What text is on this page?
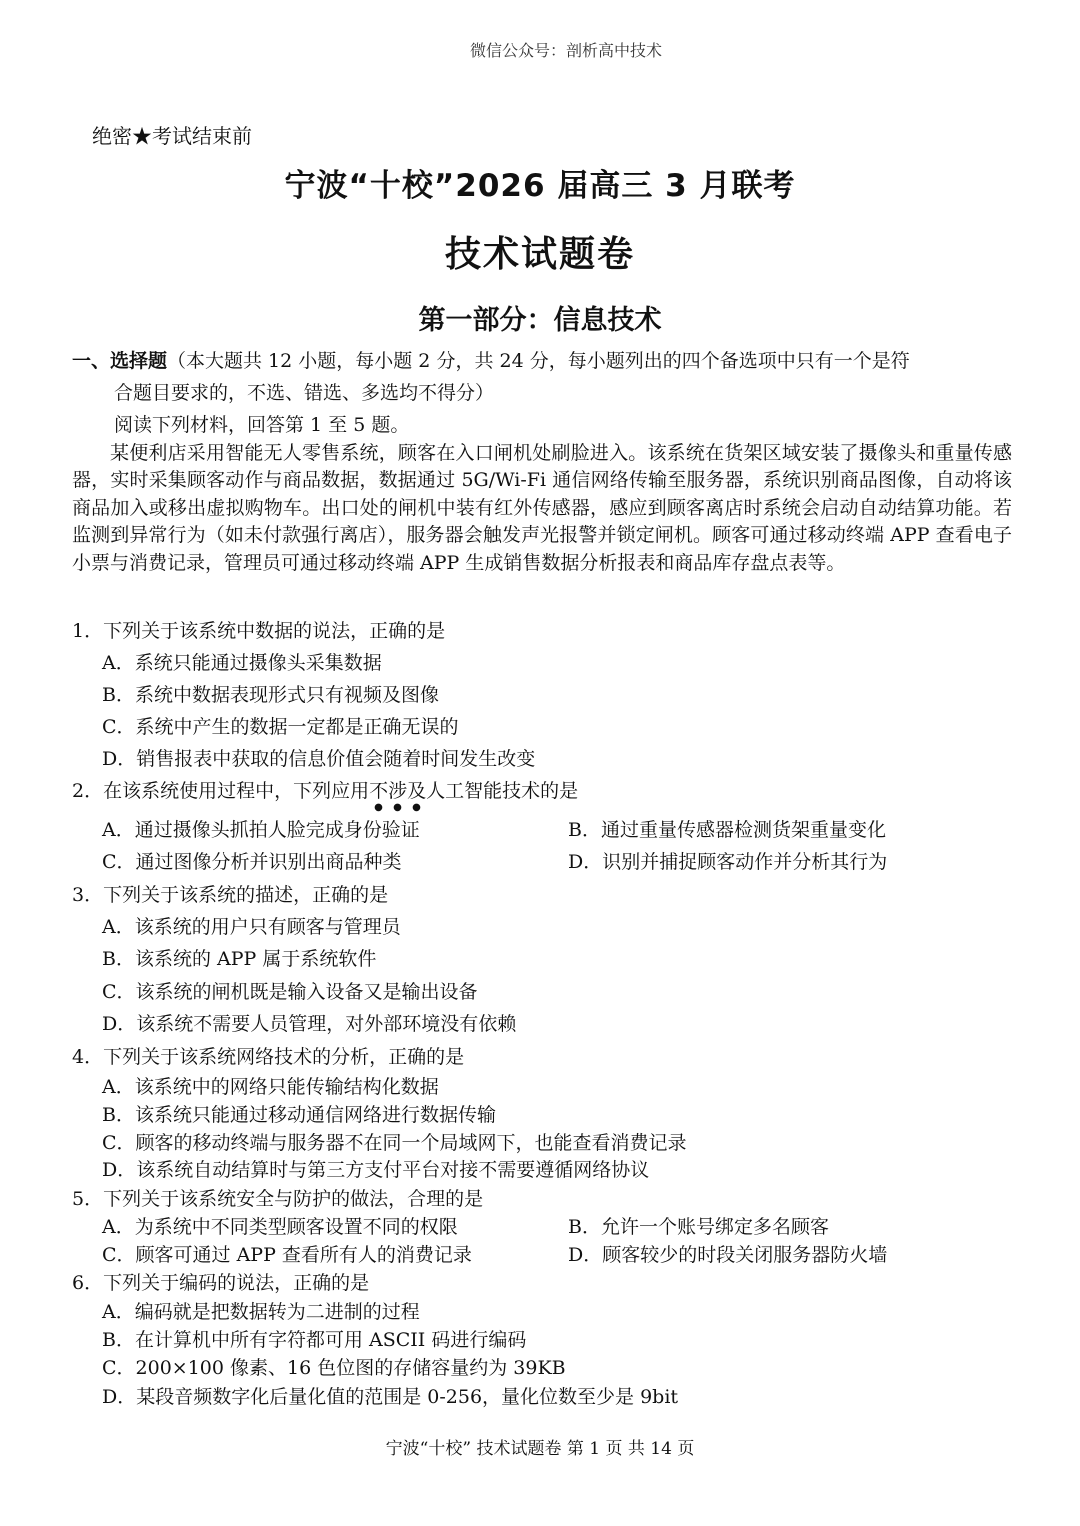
微信公众号：剖析高中技术
绝密★考试结束前
宁波“十校”2026 届高三 3 月联考
技术试题卷
第一部分：信息技术
一、选择题（本大题共 12 小题，每小题 2 分，共 24 分，每小题列出的四个备选项中只有一个是符
合题目要求的，不选、错选、多选均不得分）
阅读下列材料，回答第 1 至 5 题。
某便利店采用智能无人零售系统，顾客在入口闸机处刷脸进入。该系统在货架区域安装了摄像头和重量传感器，实时采集顾客动作与商品数据，数据通过 5G/Wi-Fi 通信网络传输至服务器，系统识别商品图像，自动将该商品加入或移出虚拟购物车。出口处的闸机中装有红外传感器，感应到顾客离店时系统会启动自动结算功能。若监测到异常行为（如未付款强行离店），服务器会触发声光报警并锁定闸机。顾客可通过移动终端 APP 查看电子小票与消费记录，管理员可通过移动终端 APP 生成销售数据分析报表和商品库存盘点表等。
1．下列关于该系统中数据的说法，正确的是
A．系统只能通过摄像头采集数据
B．系统中数据表现形式只有视频及图像
C．系统中产生的数据一定都是正确无误的
D．销售报表中获取的信息价值会随着时间发生改变
2．在该系统使用过程中，下列应用不涉及
● ● ●
人工智能技术的是
A．通过摄像头抓拍人脸完成身份验证	B．通过重量传感器检测货架重量变化
C．通过图像分析并识别出商品种类	D．识别并捕捉顾客动作并分析其行为
3．下列关于该系统的描述，正确的是
A．该系统的用户只有顾客与管理员
B．该系统的 APP 属于系统软件
C．该系统的闸机既是输入设备又是输出设备
D．该系统不需要人员管理，对外部环境没有依赖
4．下列关于该系统网络技术的分析，正确的是
A．该系统中的网络只能传输结构化数据
B．该系统只能通过移动通信网络进行数据传输
C．顾客的移动终端与服务器不在同一个局域网下，也能查看消费记录
D．该系统自动结算时与第三方支付平台对接不需要遵循网络协议
5．下列关于该系统安全与防护的做法，合理的是
A．为系统中不同类型顾客设置不同的权限	B．允许一个账号绑定多名顾客
C．顾客可通过 APP 查看所有人的消费记录	D．顾客较少的时段关闭服务器防火墙
6．下列关于编码的说法，正确的是
A．编码就是把数据转为二进制的过程
B．在计算机中所有字符都可用 ASCII 码进行编码
C．200×100 像素、16 色位图的存储容量约为 39KB
D．某段音频数字化后量化值的范围是 0-256，量化位数至少是 9bit
宁波“十校” 技术试题卷 第 1 页 共 14 页
